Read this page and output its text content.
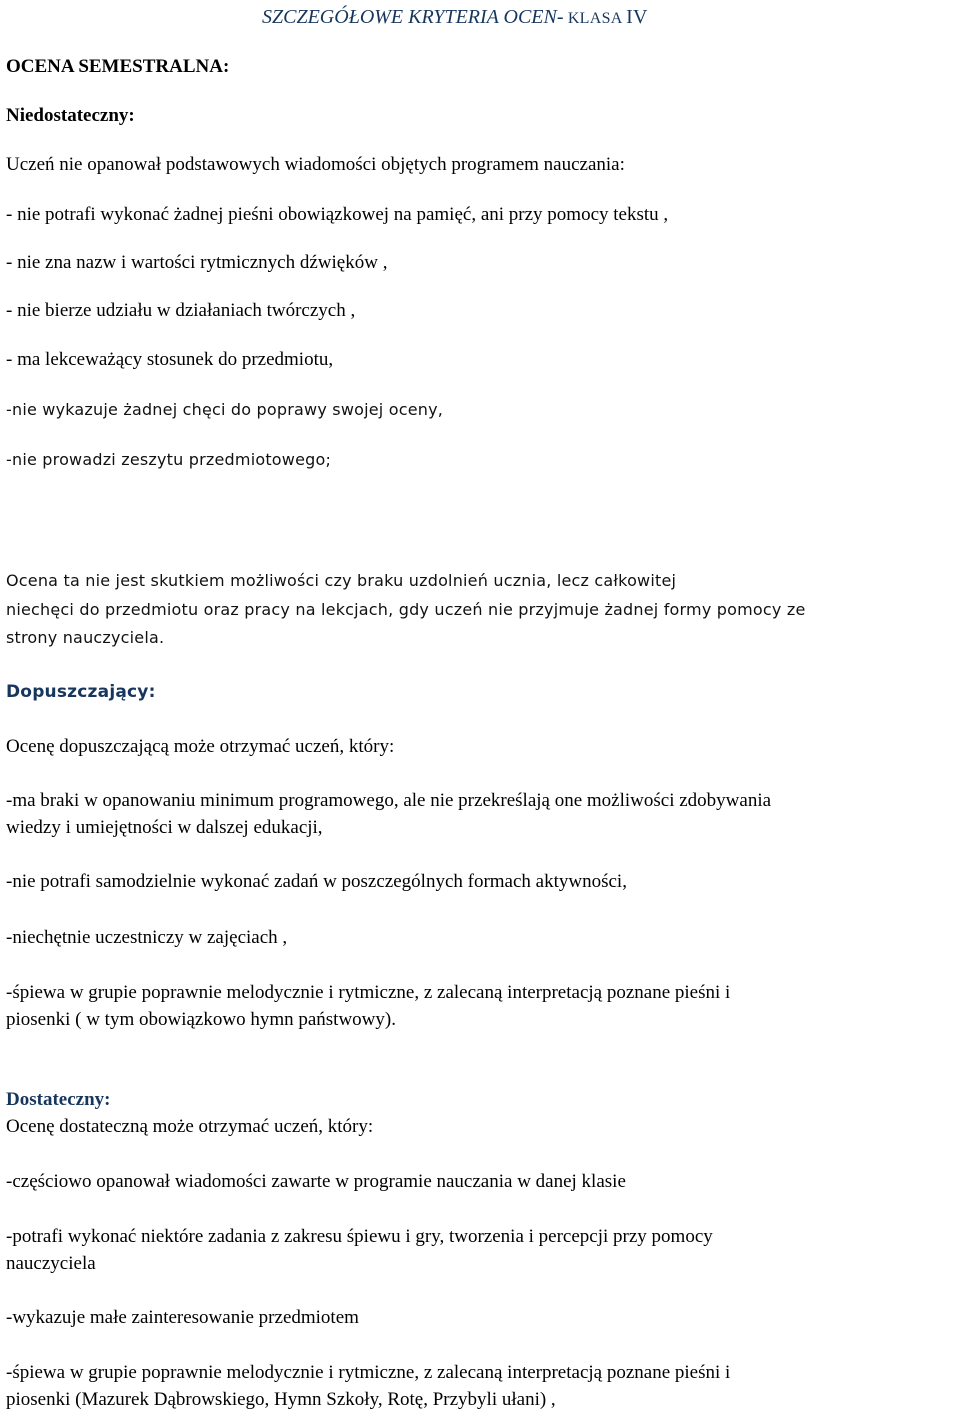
SZCZEGÓŁOWE KRYTERIA OCEN- KLASA IV
OCENA SEMESTRALNA:
Niedostateczny:
Uczeń nie opanował podstawowych wiadomości objętych programem nauczania:
- nie potrafi wykonać żadnej pieśni obowiązkowej na pamięć, ani przy pomocy tekstu ,
- nie zna nazw i wartości rytmicznych dźwięków ,
- nie bierze udziału w działaniach twórczych ,
- ma lekceważący stosunek do przedmiotu,
-nie wykazuje żadnej chęci do poprawy swojej oceny,
-nie prowadzi zeszytu przedmiotowego;
Ocena ta nie jest skutkiem możliwości czy braku uzdolnień ucznia, lecz całkowitej
niechęci do przedmiotu oraz pracy na lekcjach, gdy uczeń nie przyjmuje żadnej formy pomocy ze
strony nauczyciela.
Dopuszczający:
Ocenę dopuszczającą może otrzymać uczeń, który:
-ma braki w opanowaniu minimum programowego, ale nie przekreślają one możliwości zdobywania
wiedzy i umiejętności w dalszej edukacji,
-nie potrafi samodzielnie wykonać zadań w poszczególnych formach aktywności,
-niechętnie uczestniczy w zajęciach ,
-śpiewa w grupie poprawnie melodycznie i rytmiczne, z zalecaną interpretacją poznane pieśni i
piosenki ( w tym obowiązkowo hymn państwowy).
Dostateczny:
Ocenę dostateczną może otrzymać uczeń, który:
-częściowo opanował wiadomości zawarte w programie nauczania w danej klasie
-potrafi wykonać niektóre zadania z zakresu śpiewu i gry, tworzenia i percepcji przy pomocy
nauczyciela
-wykazuje małe zainteresowanie przedmiotem
-śpiewa w grupie poprawnie melodycznie i rytmiczne, z zalecaną interpretacją poznane pieśni i
piosenki (Mazurek Dąbrowskiego, Hymn Szkoły, Rotę, Przybyli ułani) ,
